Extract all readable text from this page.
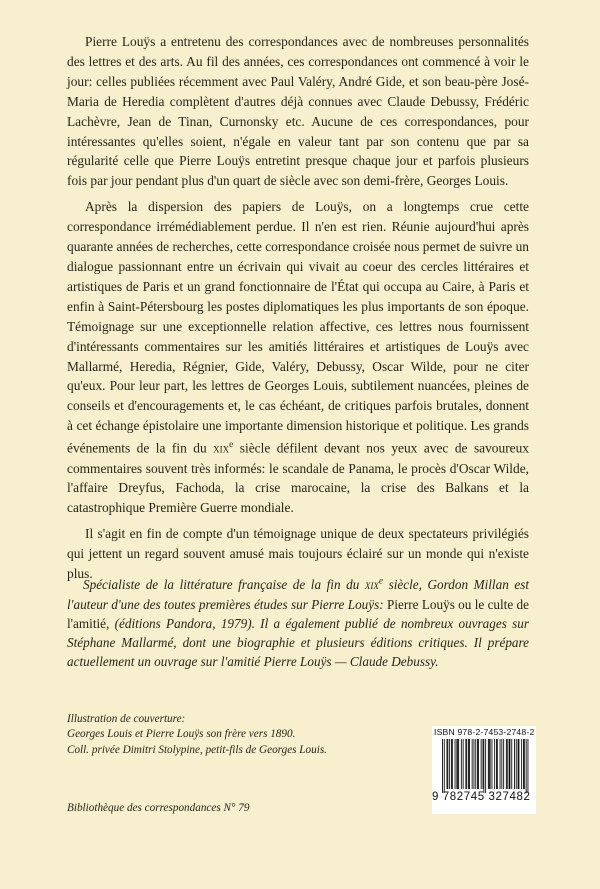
Pierre Louÿs a entretenu des correspondances avec de nombreuses personnalités des lettres et des arts. Au fil des années, ces correspondances ont commencé à voir le jour: celles publiées récemment avec Paul Valéry, André Gide, et son beau-père José-Maria de Heredia complètent d'autres déjà connues avec Claude Debussy, Frédéric Lachèvre, Jean de Tinan, Curnonsky etc. Aucune de ces correspondances, pour intéressantes qu'elles soient, n'égale en valeur tant par son contenu que par sa régularité celle que Pierre Louÿs entretint presque chaque jour et parfois plusieurs fois par jour pendant plus d'un quart de siècle avec son demi-frère, Georges Louis.

Après la dispersion des papiers de Louÿs, on a longtemps crue cette correspondance irrémédiablement perdue. Il n'en est rien. Réunie aujourd'hui après quarante années de recherches, cette correspondance croisée nous permet de suivre un dialogue passionnant entre un écrivain qui vivait au coeur des cercles littéraires et artistiques de Paris et un grand fonctionnaire de l'État qui occupa au Caire, à Paris et enfin à Saint-Pétersbourg les postes diplomatiques les plus importants de son époque. Témoignage sur une exceptionnelle relation affective, ces lettres nous fournissent d'intéressants commentaires sur les amitiés littéraires et artistiques de Louÿs avec Mallarmé, Heredia, Régnier, Gide, Valéry, Debussy, Oscar Wilde, pour ne citer qu'eux. Pour leur part, les lettres de Georges Louis, subtilement nuancées, pleines de conseils et d'encouragements et, le cas échéant, de critiques parfois brutales, donnent à cet échange épistolaire une importante dimension historique et politique. Les grands événements de la fin du xix$^e$ siècle défilent devant nos yeux avec de savoureux commentaires souvent très informés: le scandale de Panama, le procès d'Oscar Wilde, l'affaire Dreyfus, Fachoda, la crise marocaine, la crise des Balkans et la catastrophique Première Guerre mondiale.

Il s'agit en fin de compte d'un témoignage unique de deux spectateurs privilégiés qui jettent un regard souvent amusé mais toujours éclairé sur un monde qui n'existe plus.

Spécialiste de la littérature française de la fin du xix$^e$ siècle, Gordon Millan est l'auteur d'une des toutes premières études sur Pierre Louÿs: Pierre Louÿs ou le culte de l'amitié, (éditions Pandora, 1979). Il a également publié de nombreux ouvrages sur Stéphane Mallarmé, dont une biographie et plusieurs éditions critiques. Il prépare actuellement un ouvrage sur l'amitié Pierre Louÿs — Claude Debussy.

Illustration de couverture:
Georges Louis et Pierre Louÿs son frère vers 1890.
Coll. privée Dimitri Stolypine, petit-fils de Georges Louis.
Bibliothèque des correspondances N° 79
ISBN 978-2-7453-2748-2
9 782745 327482
